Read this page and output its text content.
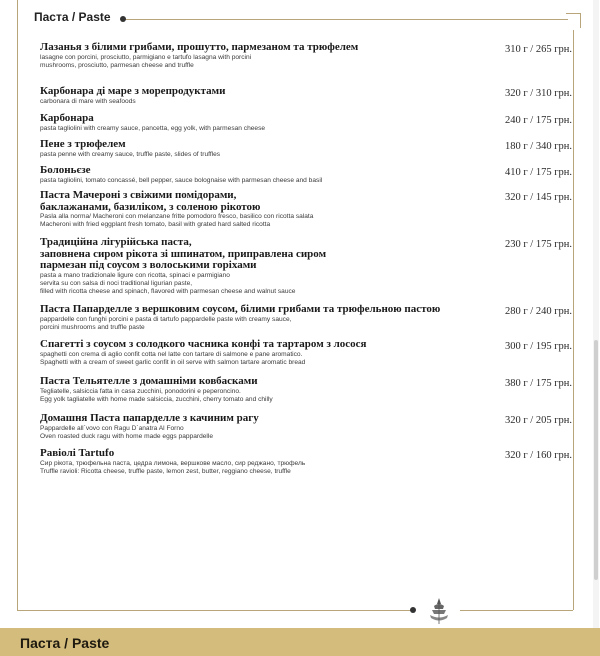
Паста / Paste
Лазанья з білими грибами, прошутто, пармезаном та трюфелем
lasagne con porcini, prosciutto, parmigiano e tartufo lasagna with porcini
mushrooms, prosciutto, parmesan cheese and truffle
310 г / 265 грн.
Карбонара ді маре з морепродуктами
carbonara di mare with seafoods
320 г / 310 грн.
Карбонара
pasta tagliolini with creamy sauce, pancetta, egg yolk, with parmesan cheese
240 г / 175 грн.
Пене з трюфелем
pasta penne with creamy sauce, truffle paste, slides of truffles
180 г / 340 грн.
Болоньєзе
pasta tagliolini, tomato concassé, bell pepper, sauce bolognaise with parmesan cheese and basil
410 г / 175 грн.
Паста Мачероні з свіжими помідорами,
баклажанами, базиліком, з соленою рікотою
Pasla alla norma/ Macheroni con melanzane fritte pomodoro fresco, basilico con ricotta salata
Macheroni with fried eggplant fresh tomato, basil with grated hard salted ricotta
320 г / 145 грн.
Традиційна лігурійська паста,
заповнена сиром рікота зі шпинатом, приправлена сиром
пармезан під соусом з волоськими горіхами
pasta a mano tradizionale ligure con ricotta, spinaci e parmigiano
servita su con salsa di noci traditional ligurian paste,
filled with ricotta cheese and spinach, flavored with parmesan cheese and walnut sauce
230 г / 175 грн.
Паста Папарделле з вершковим соусом, білими грибами та трюфельною пастою
pappardelle con funghi porcini e pasta di tartufo pappardelle paste with creamy sauce,
porcini mushrooms and truffle paste
280 г / 240 грн.
Спагетті з соусом з солодкого часника конфі та тартаром з лосося
spaghetti con crema di aglio confit cotta nel latte con tartare di salmone e pane aromatico.
Spaghetti with a cream of sweet garlic confit in oil serve with salmon tartare aromatic bread
300 г / 195 грн.
Паста Тельятелле з домашніми ковбасками
Tegliatelle, salsiccia fatta in casa zucchini, ponodorini e peperoncino.
Egg yolk tagliatelle with home made salsiccia, zucchini, cherry tomato and chilly
380 г / 175 грн.
Домашня Паста папарделле з качиним рагу
Pappardelle all`vovo con Ragu D`anatra Al Forno
Oven roasted duck ragu with home made eggs pappardelle
320 г / 205 грн.
Равіолі Tartufo
Сир рікота, трюфельна паста, цедра лимона, вершкове масло, сир реджано, трюфель
Truffle ravioli: Ricotta cheese, truffle paste, lemon zest, butter, reggiano cheese, truffle
320 г / 160 грн.
Паста / Paste
